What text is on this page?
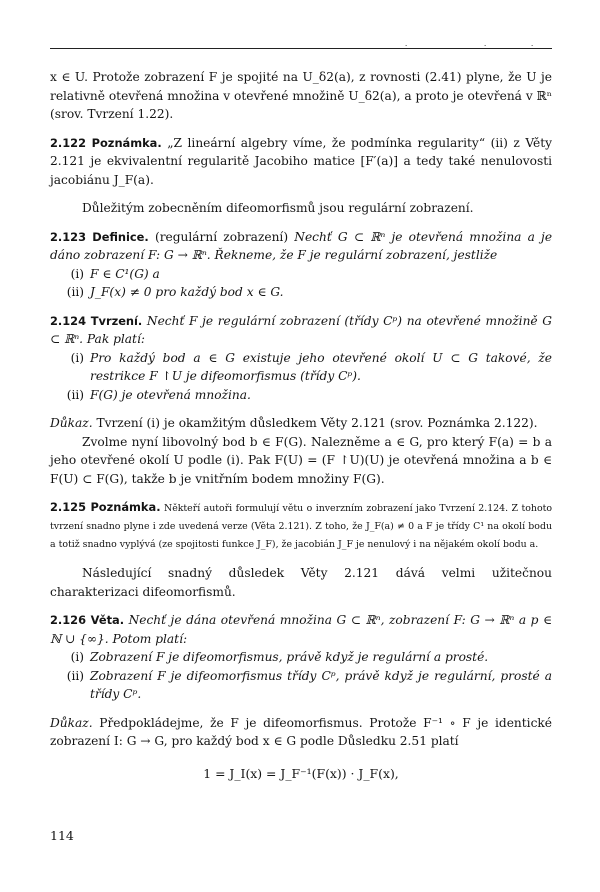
·	·	·

x ∈ U. Protože zobrazení F je spojité na U_δ2(a), z rovnosti (2.41) plyne, že U je relativně otevřená množina v otevřené množině U_δ2(a), a proto je otevřená v ℝⁿ (srov. Tvrzení 1.22).

2.122 Poznámka. „Z lineární algebry víme, že podmínka regularity“ (ii) z Věty 2.121 je ekvivalentní regularitě Jacobiho matice [F′(a)] a tedy také nenulovosti jacobiánu J_F(a).

Důležitým zobecněním difeomorfismů jsou regulární zobrazení.

2.123 Definice. (regulární zobrazení) Nechť G ⊂ ℝⁿ je otevřená množina a je dáno zobrazení F: G → ℝⁿ. Řekneme, že F je regulární zobrazení, jestliže

(i) F ∈ C¹(G) a
(ii) J_F(x) ≠ 0 pro každý bod x ∈ G.

2.124 Tvrzení. Nechť F je regulární zobrazení (třídy Cᵖ) na otevřené množině G ⊂ ℝⁿ. Pak platí:

(i) Pro každý bod a ∈ G existuje jeho otevřené okolí U ⊂ G takové, že restrikce F ↾U je difeomorfismus (třídy Cᵖ).
(ii) F(G) je otevřená množina.

Důkaz. Tvrzení (i) je okamžitým důsledkem Věty 2.121 (srov. Poznámka 2.122).

Zvolme nyní libovolný bod b ∈ F(G). Nalezněme a ∈ G, pro který F(a) = b a jeho otevřené okolí U podle (i). Pak F(U) = (F ↾U)(U) je otevřená množina a b ∈ F(U) ⊂ F(G), takže b je vnitřním bodem množiny F(G).

2.125 Poznámka. Někteří autoři formulují větu o inverzním zobrazení jako Tvrzení 2.124. Z tohoto tvrzení snadno plyne i zde uvedená verze (Věta 2.121). Z toho, že J_F(a) ≠ 0 a F je třídy C¹ na okolí bodu a totiž snadno vyplývá (ze spojitosti funkce J_F), že jacobián J_F je nenulový i na nějakém okolí bodu a.

Následující snadný důsledek Věty 2.121 dává velmi užitečnou charakterizaci difeomorfismů.

2.126 Věta. Nechť je dána otevřená množina G ⊂ ℝⁿ, zobrazení F: G → ℝⁿ a p ∈ ℕ ∪ {∞}. Potom platí:

(i) Zobrazení F je difeomorfismus, právě když je regulární a prosté.
(ii) Zobrazení F je difeomorfismus třídy Cᵖ, právě když je regulární, prosté a třídy Cᵖ.

Důkaz. Předpokládejme, že F je difeomorfismus. Protože F⁻¹ ∘ F je identické zobrazení I: G → G, pro každý bod x ∈ G podle Důsledku 2.51 platí

1 = J_I(x) = J_F⁻¹(F(x)) · J_F(x),

114
